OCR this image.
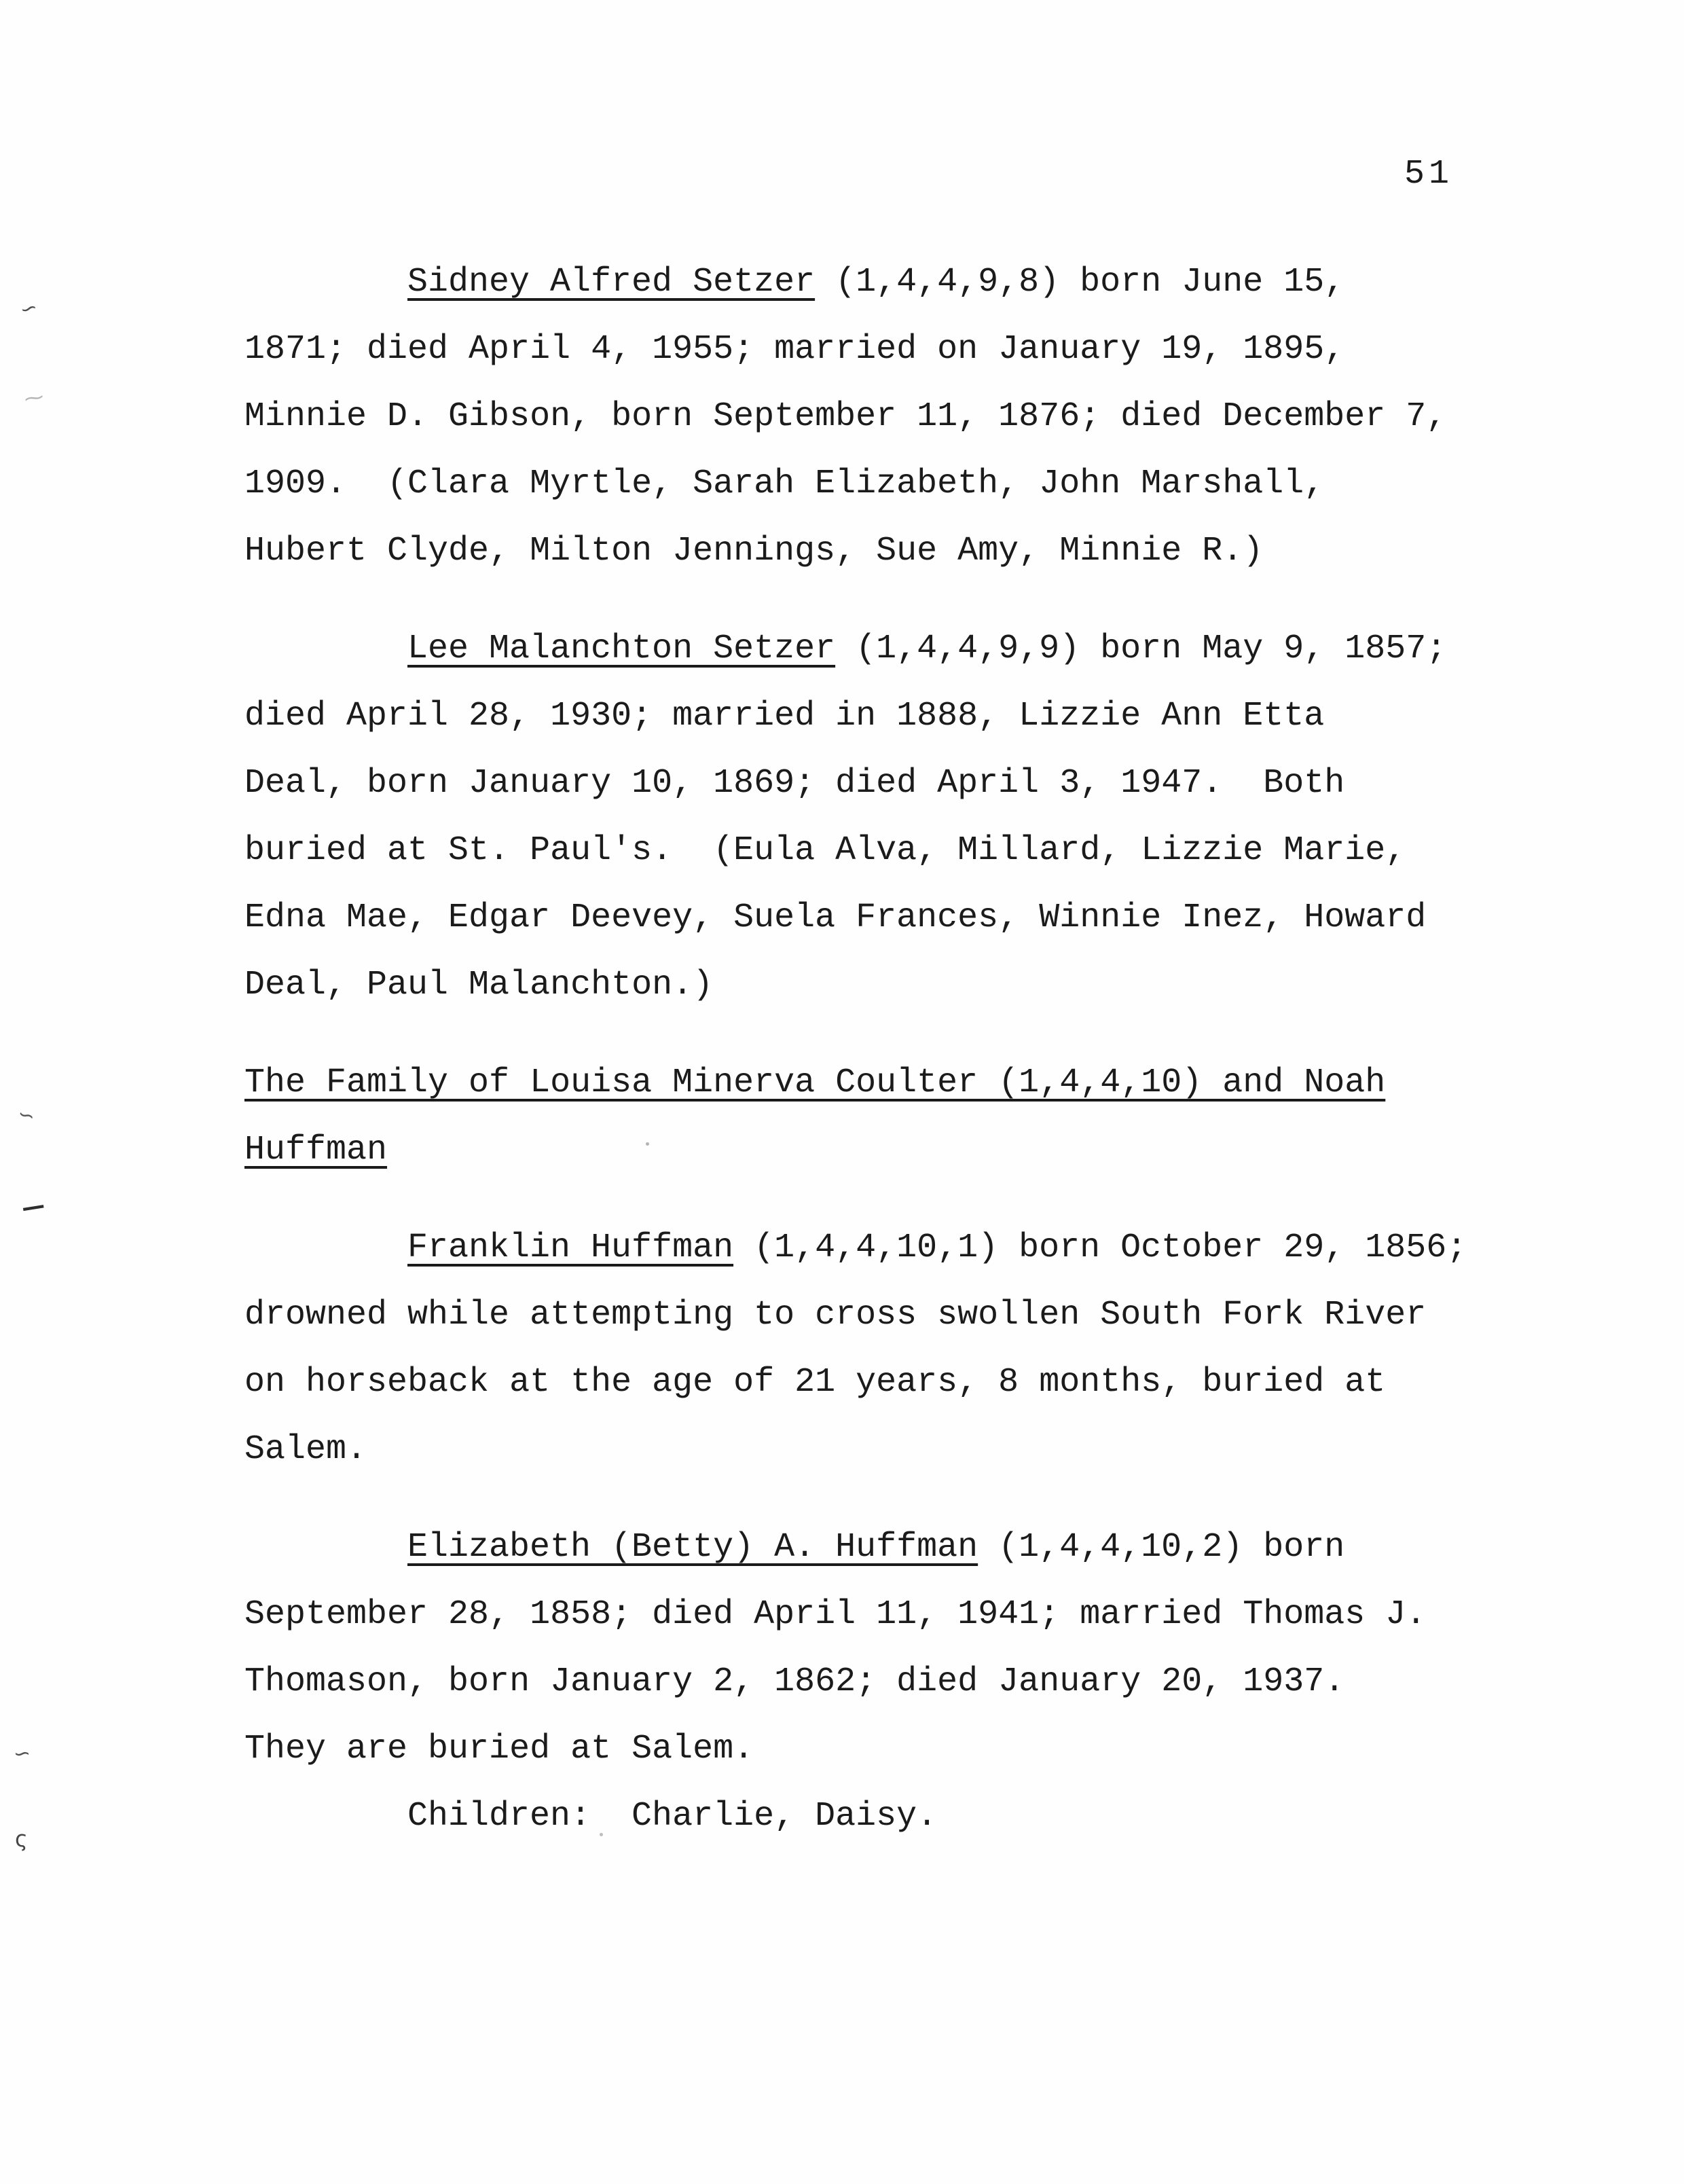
51
∽
⁓
∽
—
∽
ς
Sidney Alfred Setzer (1,4,4,9,8) born June 15,
1871; died April 4, 1955; married on January 19, 1895,
Minnie D. Gibson, born September 11, 1876; died December 7,
1909.  (Clara Myrtle, Sarah Elizabeth, John Marshall,
Hubert Clyde, Milton Jennings, Sue Amy, Minnie R.)
Lee Malanchton Setzer (1,4,4,9,9) born May 9, 1857;
died April 28, 1930; married in 1888, Lizzie Ann Etta
Deal, born January 10, 1869; died April 3, 1947.  Both
buried at St. Paul's.  (Eula Alva, Millard, Lizzie Marie,
Edna Mae, Edgar Deevey, Suela Frances, Winnie Inez, Howard
Deal, Paul Malanchton.)
The Family of Louisa Minerva Coulter (1,4,4,10) and Noah
Huffman
Franklin Huffman (1,4,4,10,1) born October 29, 1856;
drowned while attempting to cross swollen South Fork River
on horseback at the age of 21 years, 8 months, buried at
Salem.
Elizabeth (Betty) A. Huffman (1,4,4,10,2) born
September 28, 1858; died April 11, 1941; married Thomas J.
Thomason, born January 2, 1862; died January 20, 1937.
They are buried at Salem.
Children:  Charlie, Daisy.
